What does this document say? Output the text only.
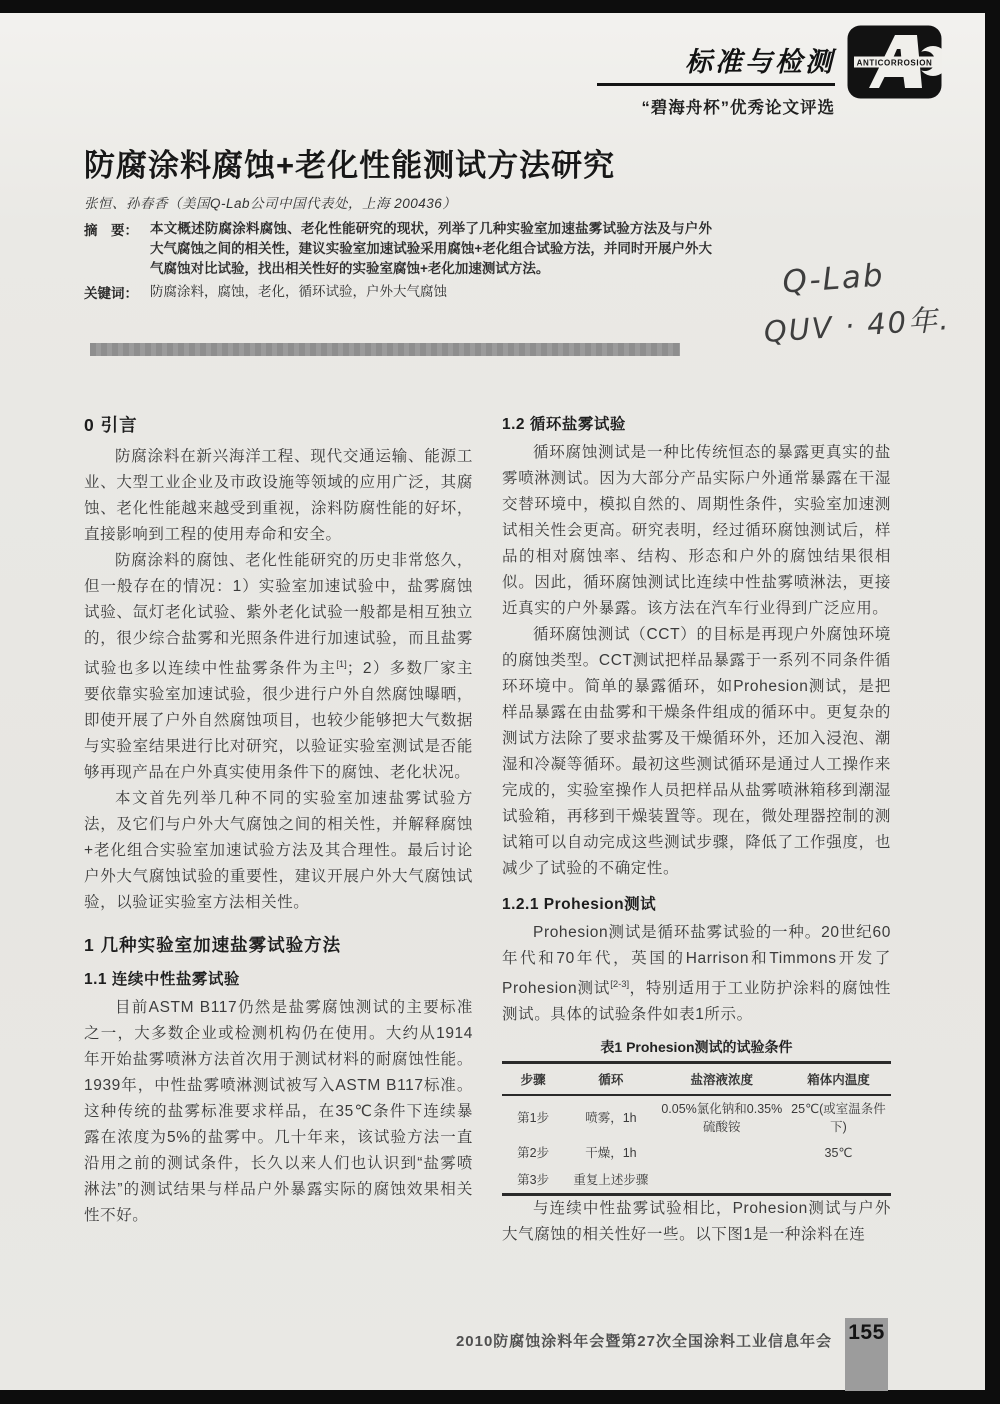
标准与检测
“碧海舟杯”优秀论文评选
ANTICORROSION
防腐涂料腐蚀+老化性能测试方法研究
张恒、孙春香（美国Q-Lab公司中国代表处，上海 200436）
摘　要： 本文概述防腐涂料腐蚀、老化性能研究的现状，列举了几种实验室加速盐雾试验方法及与户外大气腐蚀之间的相关性，建议实验室加速试验采用腐蚀+老化组合试验方法，并同时开展户外大气腐蚀对比试验，找出相关性好的实验室腐蚀+老化加速测试方法。
关键词： 防腐涂料，腐蚀，老化，循环试验，户外大气腐蚀	Q-Lab
QUV · 40年.
0 引言

防腐涂料在新兴海洋工程、现代交通运输、能源工业、大型工业企业及市政设施等领域的应用广泛，其腐蚀、老化性能越来越受到重视，涂料防腐性能的好坏，直接影响到工程的使用寿命和安全。

防腐涂料的腐蚀、老化性能研究的历史非常悠久，但一般存在的情况：1）实验室加速试验中，盐雾腐蚀试验、氙灯老化试验、紫外老化试验一般都是相互独立的，很少综合盐雾和光照条件进行加速试验，而且盐雾试验也多以连续中性盐雾条件为主[1]；2）多数厂家主要依靠实验室加速试验，很少进行户外自然腐蚀曝晒，即使开展了户外自然腐蚀项目，也较少能够把大气数据与实验室结果进行比对研究，以验证实验室测试是否能够再现产品在户外真实使用条件下的腐蚀、老化状况。

本文首先列举几种不同的实验室加速盐雾试验方法，及它们与户外大气腐蚀之间的相关性，并解释腐蚀+老化组合实验室加速试验方法及其合理性。最后讨论户外大气腐蚀试验的重要性，建议开展户外大气腐蚀试验，以验证实验室方法相关性。

1 几种实验室加速盐雾试验方法
1.1 连续中性盐雾试验

目前ASTM B117仍然是盐雾腐蚀测试的主要标准之一，大多数企业或检测机构仍在使用。大约从1914年开始盐雾喷淋方法首次用于测试材料的耐腐蚀性能。1939年，中性盐雾喷淋测试被写入ASTM B117标准。这种传统的盐雾标准要求样品，在35℃条件下连续暴露在浓度为5%的盐雾中。几十年来，该试验方法一直沿用之前的测试条件，长久以来人们也认识到“盐雾喷淋法”的测试结果与样品户外暴露实际的腐蚀效果相关性不好。

1.2 循环盐雾试验

循环腐蚀测试是一种比传统恒态的暴露更真实的盐雾喷淋测试。因为大部分产品实际户外通常暴露在干湿交替环境中，模拟自然的、周期性条件，实验室加速测试相关性会更高。研究表明，经过循环腐蚀测试后，样品的相对腐蚀率、结构、形态和户外的腐蚀结果很相似。因此，循环腐蚀测试比连续中性盐雾喷淋法，更接近真实的户外暴露。该方法在汽车行业得到广泛应用。

循环腐蚀测试（CCT）的目标是再现户外腐蚀环境的腐蚀类型。CCT测试把样品暴露于一系列不同条件循环环境中。简单的暴露循环，如Prohesion测试，是把样品暴露在由盐雾和干燥条件组成的循环中。更复杂的测试方法除了要求盐雾及干燥循环外，还加入浸泡、潮湿和冷凝等循环。最初这些测试循环是通过人工操作来完成的，实验室操作人员把样品从盐雾喷淋箱移到潮湿试验箱，再移到干燥装置等。现在，微处理器控制的测试箱可以自动完成这些测试步骤，降低了工作强度，也减少了试验的不确定性。

1.2.1 Prohesion测试

Prohesion测试是循环盐雾试验的一种。20世纪60年代和70年代，英国的Harrison和Timmons开发了Prohesion测试[2-3]，特别适用于工业防护涂料的腐蚀性测试。具体的试验条件如表1所示。

表1 Prohesion测试的试验条件
步骤	循环	盐溶液浓度	箱体内温度
第1步	喷雾，1h	0.05%氯化钠和0.35%硫酸铵	25℃(或室温条件下)
第2步	干燥，1h		35℃
第3步	重复上述步骤		

与连续中性盐雾试验相比，Prohesion测试与户外大气腐蚀的相关性好一些。以下图1是一种涂料在连

2010防腐蚀涂料年会暨第27次全国涂料工业信息年会 155
